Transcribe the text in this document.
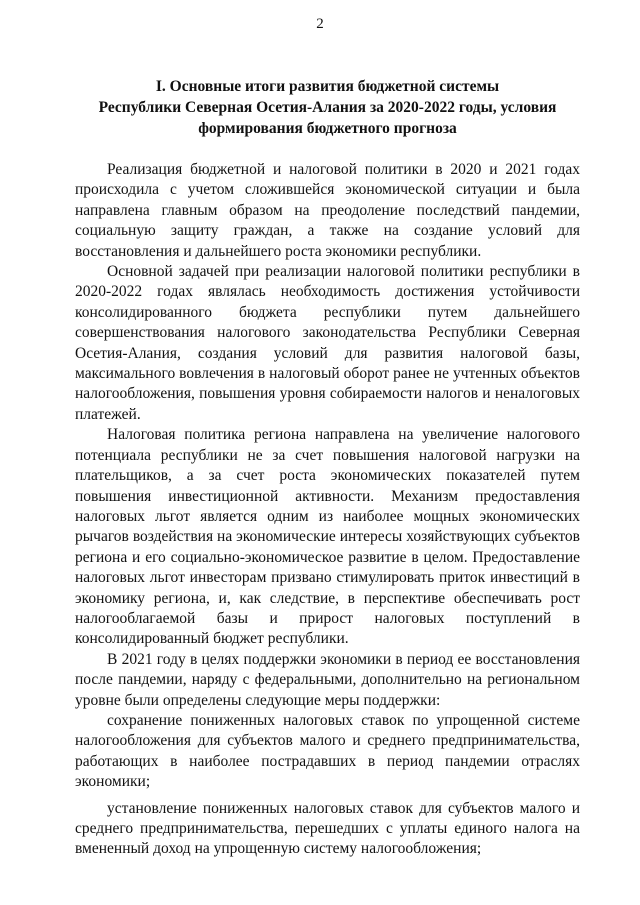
2
I. Основные итоги развития бюджетной системы
Республики Северная Осетия-Алания за 2020-2022 годы, условия
формирования бюджетного прогноза

Реализация бюджетной и налоговой политики в 2020 и 2021 годах происходила с учетом сложившейся экономической ситуации и была направлена главным образом на преодоление последствий пандемии, социальную защиту граждан, а также на создание условий для восстановления и дальнейшего роста экономики республики.

Основной задачей при реализации налоговой политики республики в 2020-2022 годах являлась необходимость достижения устойчивости консолидированного бюджета республики путем дальнейшего совершенствования налогового законодательства Республики Северная Осетия-Алания, создания условий для развития налоговой базы, максимального вовлечения в налоговый оборот ранее не учтенных объектов налогообложения, повышения уровня собираемости налогов и неналоговых платежей.

Налоговая политика региона направлена на увеличение налогового потенциала республики не за счет повышения налоговой нагрузки на плательщиков, а за счет роста экономических показателей путем повышения инвестиционной активности. Механизм предоставления налоговых льгот является одним из наиболее мощных экономических рычагов воздействия на экономические интересы хозяйствующих субъектов региона и его социально-экономическое развитие в целом. Предоставление налоговых льгот инвесторам призвано стимулировать приток инвестиций в экономику региона, и, как следствие, в перспективе обеспечивать рост налогооблагаемой базы и прирост налоговых поступлений в консолидированный бюджет республики.

В 2021 году в целях поддержки экономики в период ее восстановления после пандемии, наряду с федеральными, дополнительно на региональном уровне были определены следующие меры поддержки:

сохранение пониженных налоговых ставок по упрощенной системе налогообложения для субъектов малого и среднего предпринимательства, работающих в наиболее пострадавших в период пандемии отраслях экономики;

установление пониженных налоговых ставок для субъектов малого и среднего предпринимательства, перешедших с уплаты единого налога на вмененный доход на упрощенную систему налогообложения;
